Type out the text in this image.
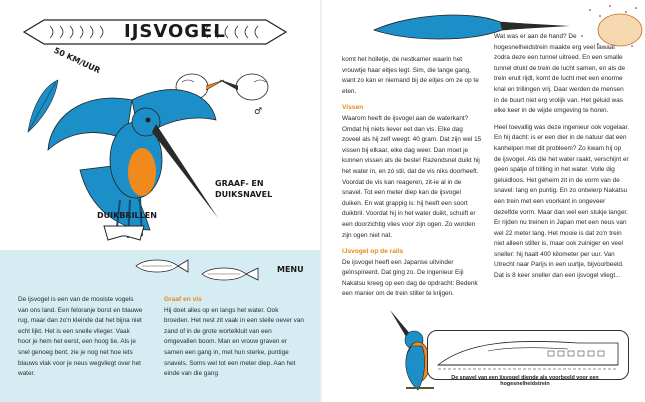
IJSVOGEL
50 KM/UUR
♂
GRAAF- EN DUIKSNAVEL
DUIKBRILLEN
MENU

De ijsvogel is een van de mooiste vogels van ons land. Een feloranje borst en blauwe rug, maar dan zo'n kleinde dat het bijna niet echt lijkt. Het is een snelle vlieger. Vaak hoor je hem het eerst, een hoog tie. Als je snel genoeg bent, zie je nog net hoe iets blauws vlak voor je neus wegvliegt over het water.

Graaf en vis

Hij doet alles op en langs het water. Ook broeden. Het nest zit vaak in een steile oever van zand of in de grote wortelkluit van een omgevallen boom. Man en vrouw graven er samen een gang in, met hun sterke, puntige snavels. Soms wel tot een meter diep. Aan het einde van die gang

komt het holletje, de nestkamer waarin het vrouwtje haar eitjes legt. Sim, die lange gang, want zo kan er niemand bij de eitjes om ze op te eten.

Vissen

Waarom heeft de ijsvogel aan de waterkant? Omdat hij niets liever eet dan vis. Elke dag zoveel als hij zelf weegt: 40 gram. Dat zijn wel 15 vissen bij elkaar, elke dag weer. Dan moet je kunnen vissen als de beste! Razendsnel duikt hij het water in, en zó stil, dat de vis niks doorheeft. Voordat de vis kan reageren, zit-ie al in de snavel. Tot een meter diep kan de ijsvogel duiken. En wat grappig is: hij heeft een soort duikbril. Voordat hij in het water duikt, schuift er een doorzichtig vlies voor zijn ogen. Zo worden zijn ogen niet nat.

IJsvogel op de rails

De ijsvogel heeft een Japanse uitvinder geïnspireerd. Dat ging zo. De ingenieur Eiji Nakatsu kreeg op een dag de opdracht: Bedenk een manier om de trein stiller te krijgen.

Wat was er aan de hand? De hogesnelheidstrein maakte erg veel lawaai zodra deze een tunnel uitreed. En een smalle tunnel drukt de trein de lucht samen, en als de trein eruit rijdt, komt de lucht met een enorme knal en trillingen vrij. Daar werden de mensen in de buurt niet erg vrolijk van. Het geluid was elke keer in de wijde omgeving te horen.

Heel toevallig was deze ingenieur ook vogelaar. En hij dacht: is er een dier in de natuur dat een kanhelpen met dit probleem? Zo kwam hij op de ijsvogel. Als die het water raakt, verschijnt er geen spatje of trilling in het water. Volle dig geluidloos. Het geheim zit in de vorm van de snavel: lang en puntig. En zo ontwierp Nakatsu een trein met een voorkant in ongeveer dezelfde vorm. Maar dan wel een stukje langer. Er rijden nu treinen in Japan met een neus van wel 22 meter lang. Het mooie is dat zo'n trein niet alleen stiller is, maar ook zuiniger en veel sneller: hij haalt 400 kilometer per uur. Van Utrecht naar Parijs in een uurtje, bijvoorbeeld. Dat is 8 keer sneller dan een ijsvogel vliegt...

De snavel van een ijsvogel diende als voorbeeld voor een hogesnelheidstrein
